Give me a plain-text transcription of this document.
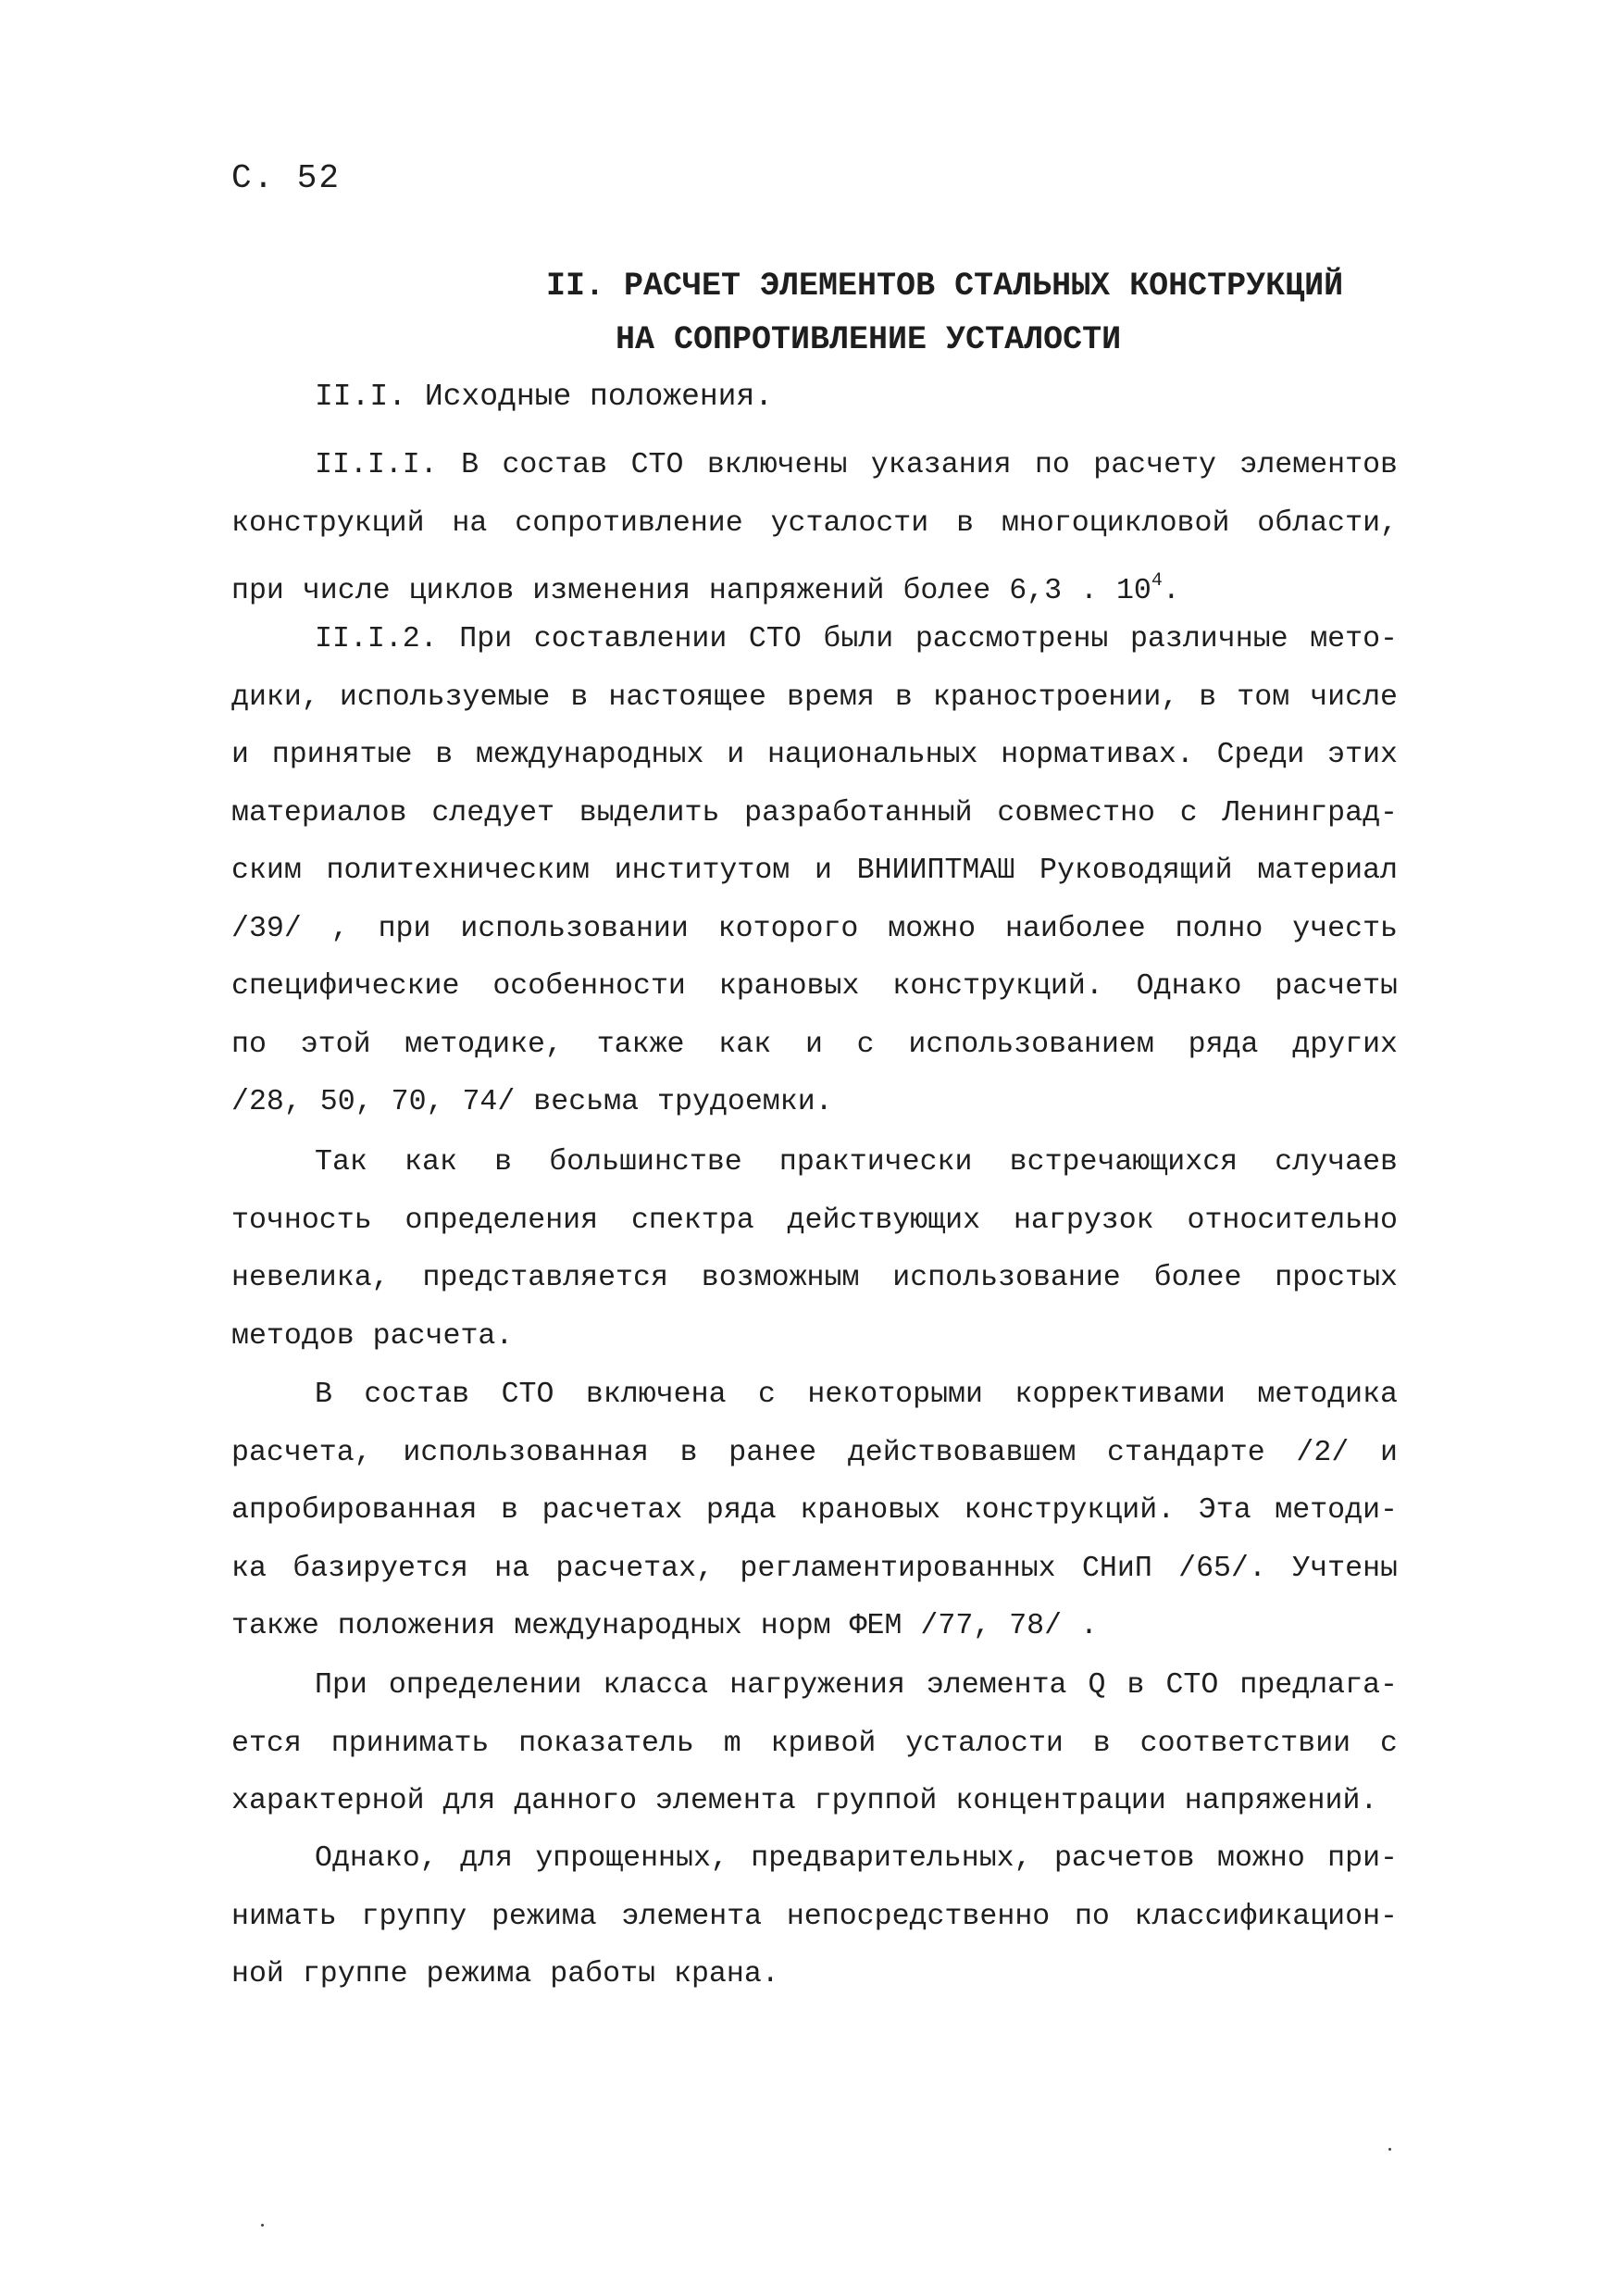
С. 52
II. РАСЧЕТ ЭЛЕМЕНТОВ СТАЛЬНЫХ КОНСТРУКЦИЙ
НА СОПРОТИВЛЕНИЕ УСТАЛОСТИ
II.I. Исходные положения.
II.I.I. В состав СТО включены указания по расчету элементов
конструкций на сопротивление усталости в многоцикловой области,
при числе циклов изменения напряжений более 6,3 . $10^4$.
II.I.2. При составлении СТО были рассмотрены различные мето-
дики, используемые в настоящее время в краностроении, в том числе
и принятые в международных и национальных нормативах. Среди этих
материалов следует выделить разработанный совместно с Ленинград-
ским политехническим институтом и ВНИИПТМАШ Руководящий материал
/39/ , при использовании которого можно наиболее полно учесть
специфические особенности крановых конструкций. Однако расчеты
по этой методике, также как и с использованием ряда других
/28, 50, 70, 74/ весьма трудоемки.
Так как в большинстве практически встречающихся случаев
точность определения спектра действующих нагрузок относительно
невелика, представляется возможным использование более простых
методов расчета.
В состав СТО включена с некоторыми коррективами методика
расчета, использованная в ранее действовавшем стандарте /2/ и
апробированная в расчетах ряда крановых конструкций. Эта методи-
ка базируется на расчетах, регламентированных СНиП /65/. Учтены
также положения международных норм ФЕМ /77, 78/ .
При определении класса нагружения элемента Q в СТО предлага-
ется принимать показатель m кривой усталости в соответствии с
характерной для данного элемента группой концентрации напряжений.
Однако, для упрощенных, предварительных, расчетов можно при-
нимать группу режима элемента непосредственно по классификацион-
ной группе режима работы крана.
